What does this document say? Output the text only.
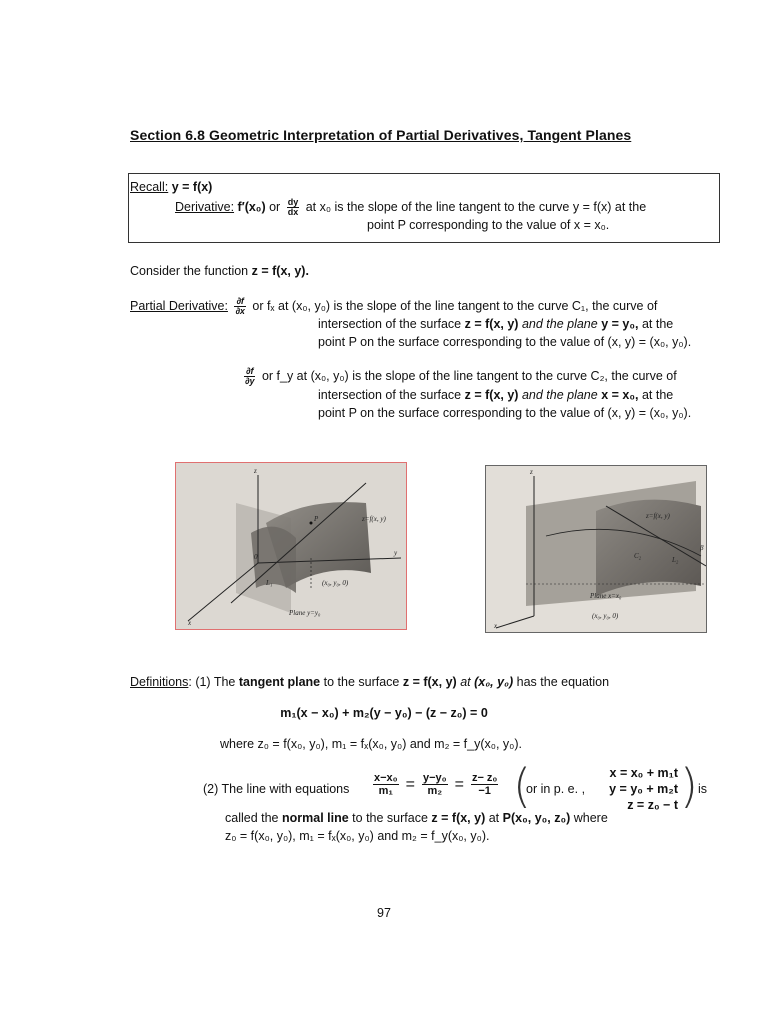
Section 6.8 Geometric Interpretation of Partial Derivatives, Tangent Planes
Recall: y = f(x)
Derivative: f′(x₀) or $\frac{dy}{dx}$ at x₀ is the slope of the line tangent to the curve y = f(x) at the
point P corresponding to the value of x = x₀.
Consider the function z = f(x, y).
Partial Derivative: $\frac{\partial f}{\partial x}$ or fₓ at (x₀, y₀) is the slope of the line tangent to the curve C₁, the curve of
intersection of the surface z = f(x, y) and the plane y = y₀, at the
point P on the surface corresponding to the value of (x, y) = (x₀, y₀).
$\frac{\partial f}{\partial y}$ or f_y at (x₀, y₀) is the slope of the line tangent to the curve C₂, the curve of
intersection of the surface z = f(x, y) and the plane x = x₀, at the
point P on the surface corresponding to the value of (x, y) = (x₀, y₀).
z
y
x
0
z=f(x, y)
P
L₁	(x₀, y₀, 0)
Plane y=y₀
z
x
z=f(x, y)
C₂	L₂
β
Plane x=x₀
(x₀, y₀, 0)
Definitions: (1) The tangent plane to the surface z = f(x, y) at (x₀, y₀) has the equation
m₁(x − x₀) + m₂(y − y₀) − (z − z₀) = 0
where z₀ = f(x₀, y₀), m₁ = fₓ(x₀, y₀) and m₂ = f_y(x₀, y₀).
(2) The line with equations $\frac{\text{x−x₀}}{\text{m₁}} = \frac{\text{y−y₀}}{\text{m₂}} = \frac{\text{z− z₀}}{-1}$ (
or in p. e. ,
x = x₀ + m₁t
y = y₀ + m₂t
z = z₀ − t ) is
called the normal line to the surface z = f(x, y) at P(x₀, y₀, z₀) where
z₀ = f(x₀, y₀), m₁ = fₓ(x₀, y₀) and m₂ = f_y(x₀, y₀).
97
